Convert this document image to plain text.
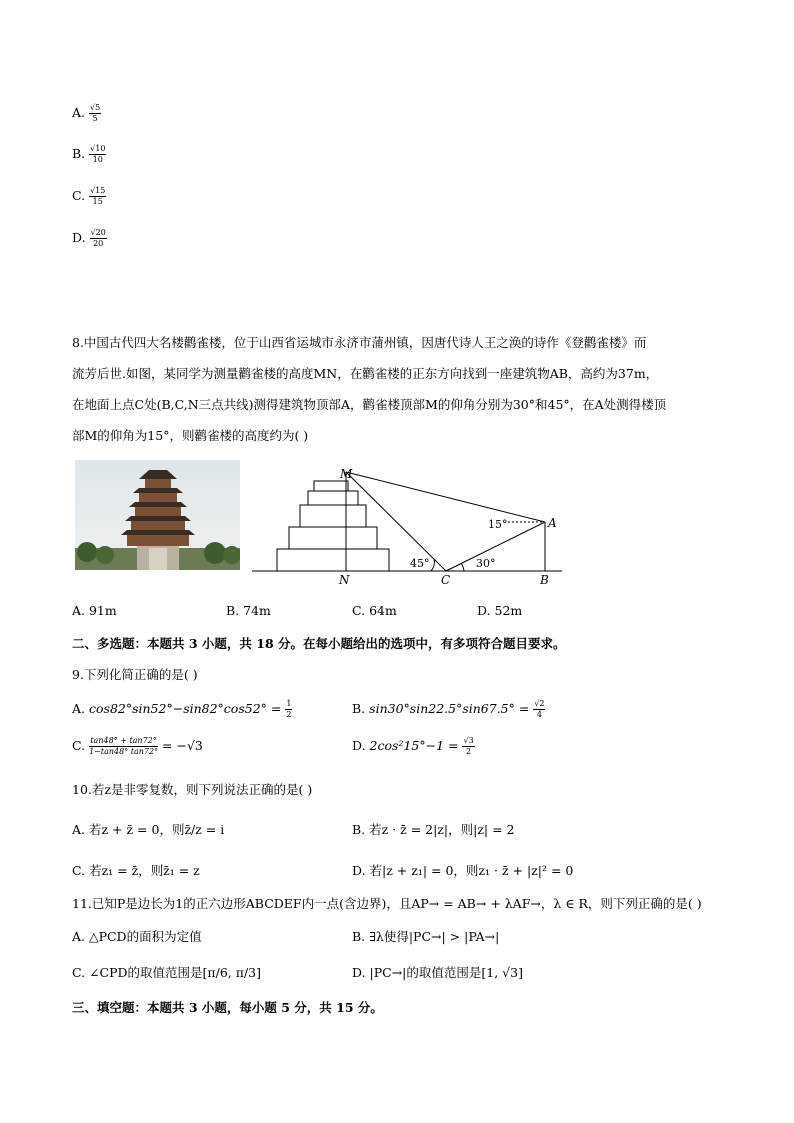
A. $\frac{√5}{5}$
B. $\frac{√10}{10}$
C. $\frac{√15}{15}$
D. $\frac{√20}{20}$
8.中国古代四大名楼鹳雀楼，位于山西省运城市永济市蒲州镇，因唐代诗人王之涣的诗作《登鹳雀楼》而
流芳后世.如图，某同学为测量鹳雀楼的高度MN，在鹳雀楼的正东方向找到一座建筑物AB，高约为37m，
在地面上点C处(B,C,N三点共线)测得建筑物顶部A，鹳雀楼顶部M的仰角分别为30°和45°，在A处测得楼顶
部M的仰角为15°，则鹳雀楼的高度约为( )
M
N	C	B
A
15°
45°	30°
A. 91m	B. 74m	C. 64m	D. 52m
二、多选题：本题共 3 小题，共 18 分。在每小题给出的选项中，有多项符合题目要求。
9.下列化简正确的是( )
A. $\cos 82^\circ\sin 52^\circ-\sin 82^\circ\cos 52^\circ = \frac{1}{2}$	B. $\sin 30^\circ\sin 22.5^\circ\sin 67.5^\circ = \frac{√2}{4}$
C. $\frac{\tan 48^\circ + \tan 72^\circ}{1-\tan 48^\circ \tan 72^\circ} = -√3$	D. $2\cos^215^\circ-1 = \frac{√3}{2}$
10.若z是非零复数，则下列说法正确的是( )
A. 若z + z̄ = 0，则z̄/z = i	B. 若z · z̄ = 2|z|，则|z| = 2
C. 若z₁ = z̄，则z̄₁ = z	D. 若|z + z₁| = 0，则z₁ · z̄ + |z|² = 0
11.已知P是边长为1的正六边形ABCDEF内一点(含边界)，且AP→ = AB→ + λAF→，λ ∈ R，则下列正确的是( )
A. △PCD的面积为定值	B. ∃λ使得|PC→| > |PA→|
C. ∠CPD的取值范围是[π/6, π/3]	D. |PC→|的取值范围是[1, √3]
三、填空题：本题共 3 小题，每小题 5 分，共 15 分。
